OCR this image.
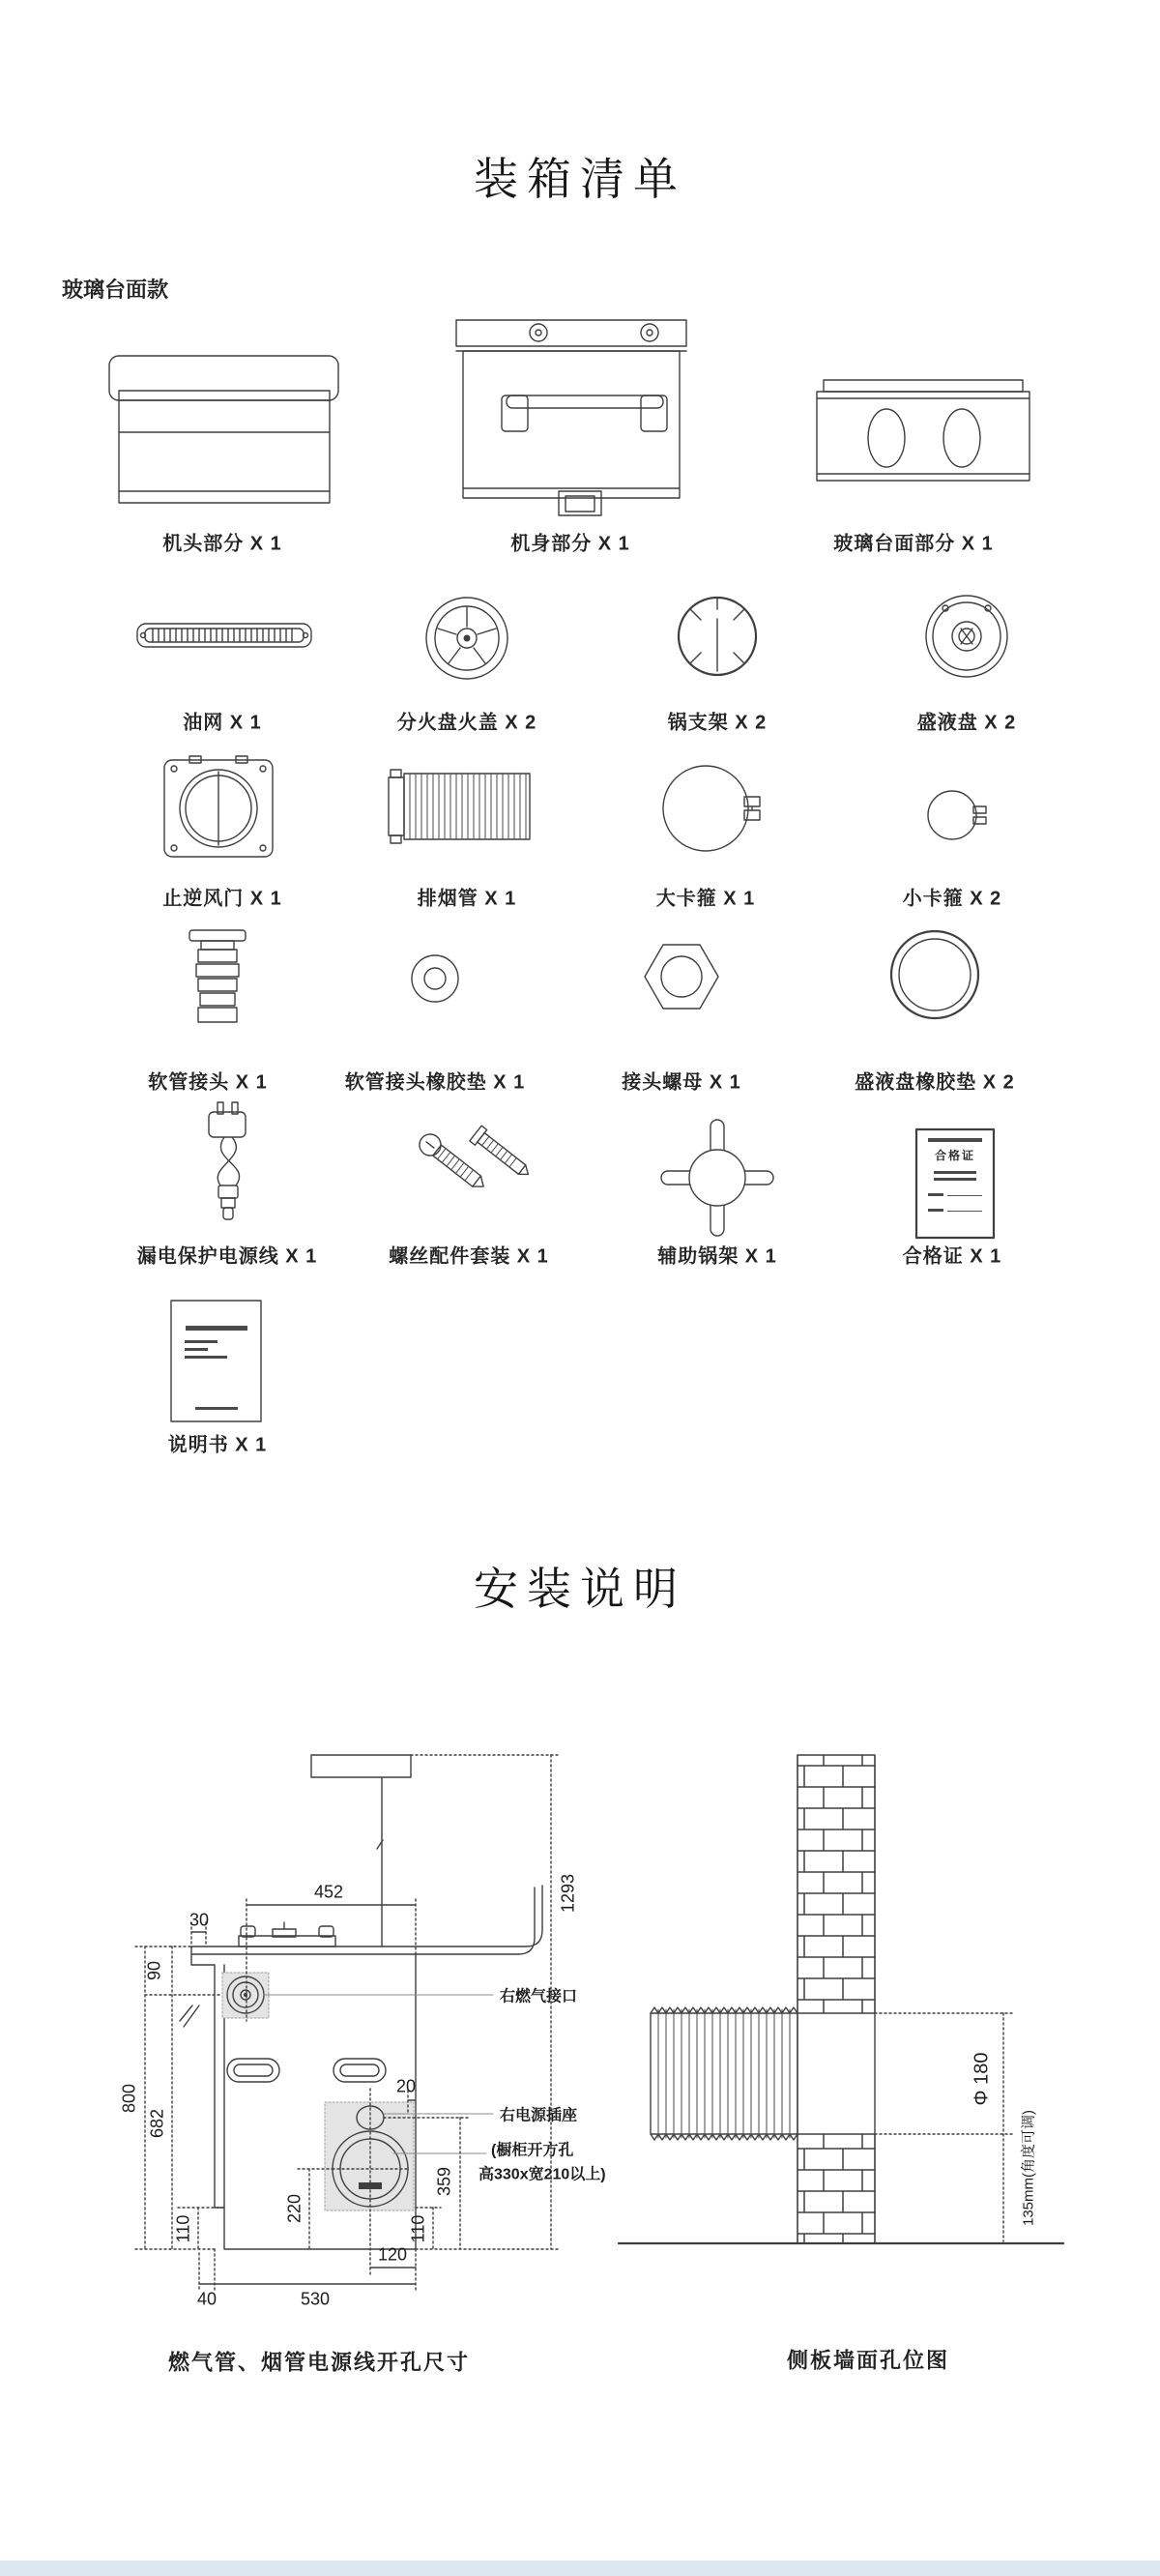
装箱清单
玻璃台面款
机头部分 X 1	机身部分 X 1	玻璃台面部分 X 1
油网 X 1	分火盘火盖 X 2	锅支架 X 2	盛液盘 X 2
止逆风门 X 1	排烟管 X 1	大卡箍 X 1	小卡箍 X 2
软管接头 X 1	软管接头橡胶垫 X 1	接头螺母 X 1	盛液盘橡胶垫 X 2
漏电保护电源线 X 1	螺丝配件套装 X 1	辅助锅架 X 1	合格证 X 1
说明书 X 1
合格证
安装说明
30
452
90
1293
800
682
110
220
20
359
110
120
40	530
Φ 180
135mm(角度可调)
右燃气接口
右电源插座
(橱柜开方孔
高330x宽210以上)
燃气管、烟管电源线开孔尺寸	侧板墙面孔位图
